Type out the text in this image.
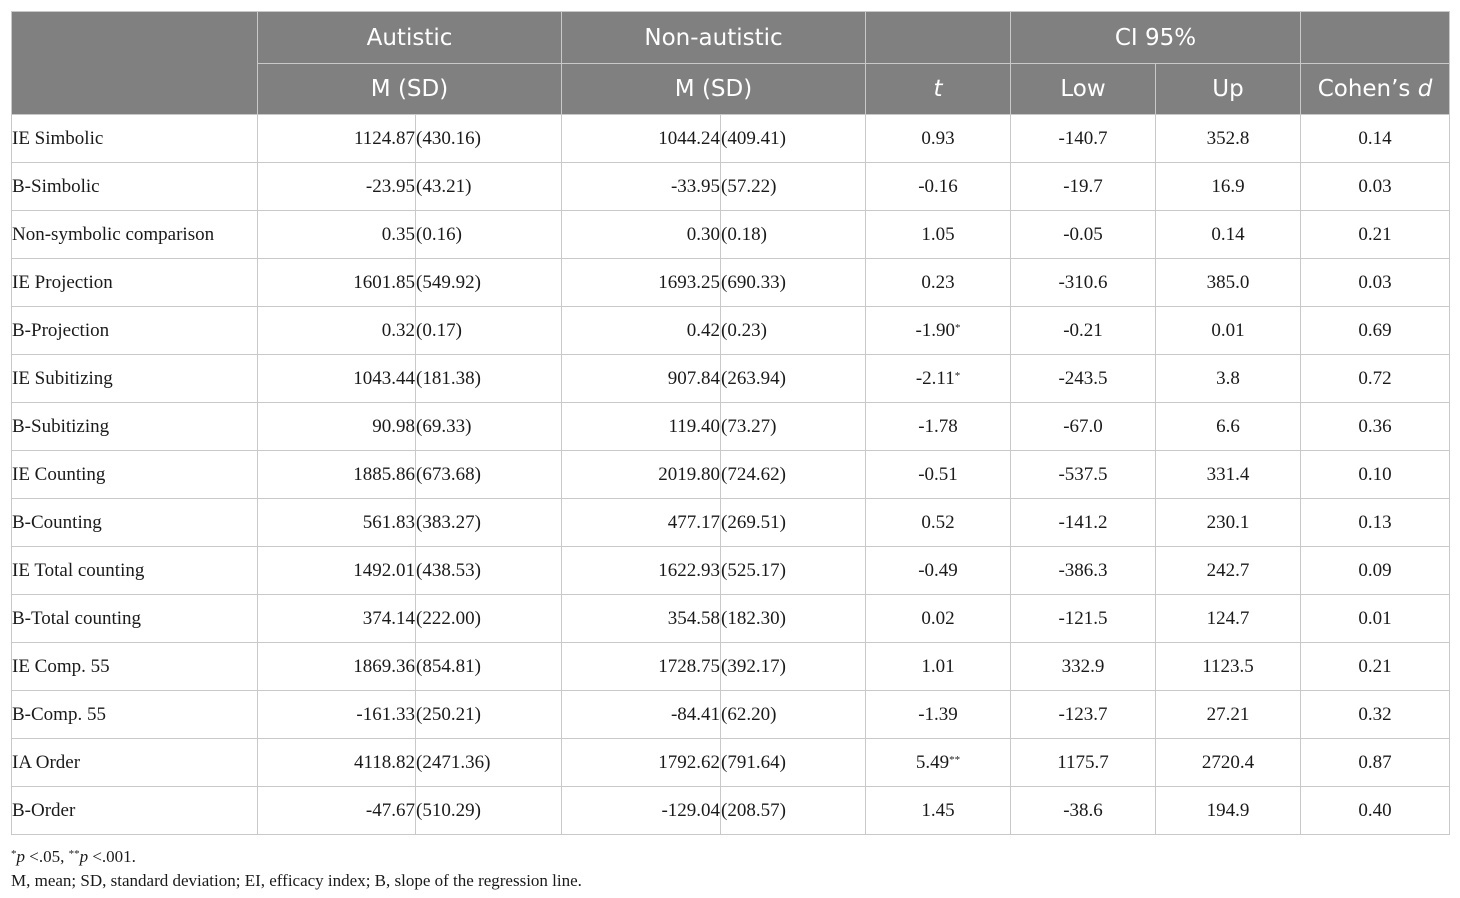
	Autistic		Non-autistic			CI 95%		
	M (SD)		M (SD)		t	Low	Up	Cohen’s d
IE Simbolic	1124.87	(430.16)	1044.24	(409.41)	0.93	-140.7	352.8	0.14
B-Simbolic	-23.95	(43.21)	-33.95	(57.22)	-0.16	-19.7	16.9	0.03
Non-symbolic comparison	0.35	(0.16)	0.30	(0.18)	1.05	-0.05	0.14	0.21
IE Projection	1601.85	(549.92)	1693.25	(690.33)	0.23	-310.6	385.0	0.03
B-Projection	0.32	(0.17)	0.42	(0.23)	-1.90*	-0.21	0.01	0.69
IE Subitizing	1043.44	(181.38)	907.84	(263.94)	-2.11*	-243.5	3.8	0.72
B-Subitizing	90.98	(69.33)	119.40	(73.27)	-1.78	-67.0	6.6	0.36
IE Counting	1885.86	(673.68)	2019.80	(724.62)	-0.51	-537.5	331.4	0.10
B-Counting	561.83	(383.27)	477.17	(269.51)	0.52	-141.2	230.1	0.13
IE Total counting	1492.01	(438.53)	1622.93	(525.17)	-0.49	-386.3	242.7	0.09
B-Total counting	374.14	(222.00)	354.58	(182.30)	0.02	-121.5	124.7	0.01
IE Comp. 55	1869.36	(854.81)	1728.75	(392.17)	1.01	332.9	1123.5	0.21
B-Comp. 55	-161.33	(250.21)	-84.41	(62.20)	-1.39	-123.7	27.21	0.32
IA Order	4118.82	(2471.36)	1792.62	(791.64)	5.49**	1175.7	2720.4	0.87
B-Order	-47.67	(510.29)	-129.04	(208.57)	1.45	-38.6	194.9	0.40
*p <.05, **p <.001.
M, mean; SD, standard deviation; EI, efficacy index; B, slope of the regression line.
